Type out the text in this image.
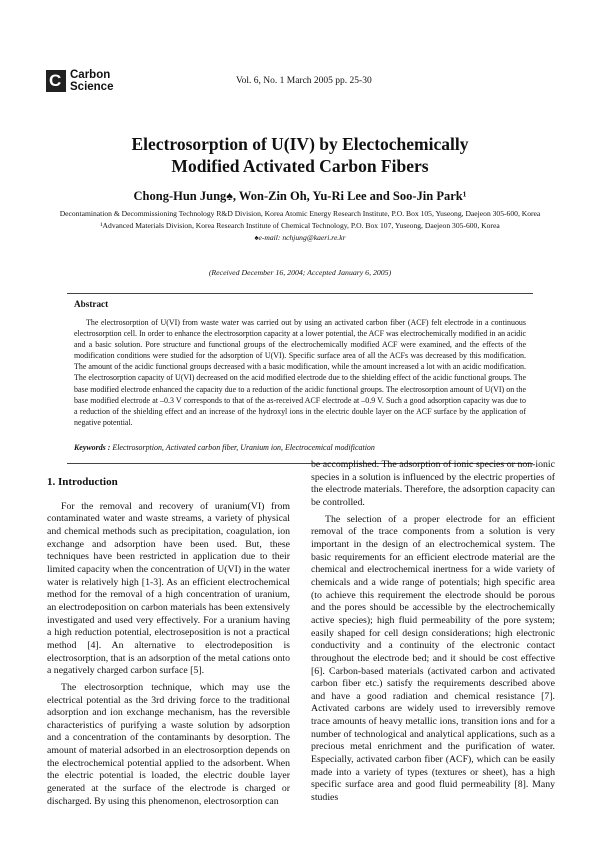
C Carbon
Science	Vol. 6, No. 1 March 2005 pp. 25-30
Electrosorption of U(IV) by Electochemically
Modified Activated Carbon Fibers
Chong-Hun Jung♠, Won-Zin Oh, Yu-Ri Lee and Soo-Jin Park¹
Decontamination & Decommissioning Technology R&D Division, Korea Atomic Energy Research Institute, P.O. Box 105, Yuseong, Daejeon 305-600, Korea
¹Advanced Materials Division, Korea Research Institute of Chemical Technology, P.O. Box 107, Yuseong, Daejeon 305-600, Korea
♠e-mail: nchjung@kaeri.re.kr
(Received December 16, 2004; Accepted January 6, 2005)
Abstract
The electrosorption of U(VI) from waste water was carried out by using an activated carbon fiber (ACF) felt electrode in a continuous electrosorption cell. In order to enhance the electrosorption capacity at a lower potential, the ACF was electrochemically modified in an acidic and a basic solution. Pore structure and functional groups of the electrochemically modified ACF were examined, and the effects of the modification conditions were studied for the adsorption of U(VI). Specific surface area of all the ACFs was decreased by this modification. The amount of the acidic functional groups decreased with a basic modification, while the amount increased a lot with an acidic modification. The electrosorption capacity of U(VI) decreased on the acid modified electrode due to the shielding effect of the acidic functional groups. The base modified electrode enhanced the capacity due to a reduction of the acidic functional groups. The electrosorption amount of U(VI) on the base modified electrode at –0.3 V corresponds to that of the as-received ACF electrode at –0.9 V. Such a good adsorption capacity was due to a reduction of the shielding effect and an increase of the hydroxyl ions in the electric double layer on the ACF surface by the application of negative potential.
Keywords : Electrosorption, Activated carbon fiber, Uranium ion, Electrocemical modification

1. Introduction

For the removal and recovery of uranium(VI) from contaminated water and waste streams, a variety of physical and chemical methods such as precipitation, coagulation, ion exchange and adsorption have been used. But, these techniques have been restricted in application due to their limited capacity when the concentration of U(VI) in the water water is relatively high [1-3]. As an efficient electrochemical method for the removal of a high concentration of uranium, an electrodeposition on carbon materials has been extensively investigated and used very effectively. For a uranium having a high reduction potential, electroseposition is not a practical method [4]. An alternative to electrodeposition is electrosorption, that is an adsorption of the metal cations onto a negatively charged carbon surface [5].

The electrosorption technique, which may use the electrical potential as the 3rd driving force to the traditional adsorption and ion exchange mechanism, has the reversible characteristics of purifying a waste solution by adsorption and a concentration of the contaminants by desorption. The amount of material adsorbed in an electrosorption depends on the electrochemical potential applied to the adsorbent. When the electric potential is loaded, the electric double layer generated at the surface of the electrode is charged or discharged. By using this phenomenon, electrosorption can

be accomplished. The adsorption of ionic species or non-ionic species in a solution is influenced by the electric properties of the electrode materials. Therefore, the adsorption capacity can be controlled.

The selection of a proper electrode for an efficient removal of the trace components from a solution is very important in the design of an electrochemical system. The basic requirements for an efficient electrode material are the chemical and electrochemical inertness for a wide variety of chemicals and a wide range of potentials; high specific area (to achieve this requirement the electrode should be porous and the pores should be accessible by the electrochemically active species); high fluid permeability of the pore system; easily shaped for cell design considerations; high electronic conductivity and a continuity of the electronic contact throughout the electrode bed; and it should be cost effective [6]. Carbon-based materials (activated carbon and activated carbon fiber etc.) satisfy the requirements described above and have a good radiation and chemical resistance [7]. Activated carbons are widely used to irreversibly remove trace amounts of heavy metallic ions, transition ions and for a number of technological and analytical applications, such as a precious metal enrichment and the purification of water. Especially, activated carbon fiber (ACF), which can be easily made into a variety of types (textures or sheet), has a high specific surface area and good fluid permeability [8]. Many studies
